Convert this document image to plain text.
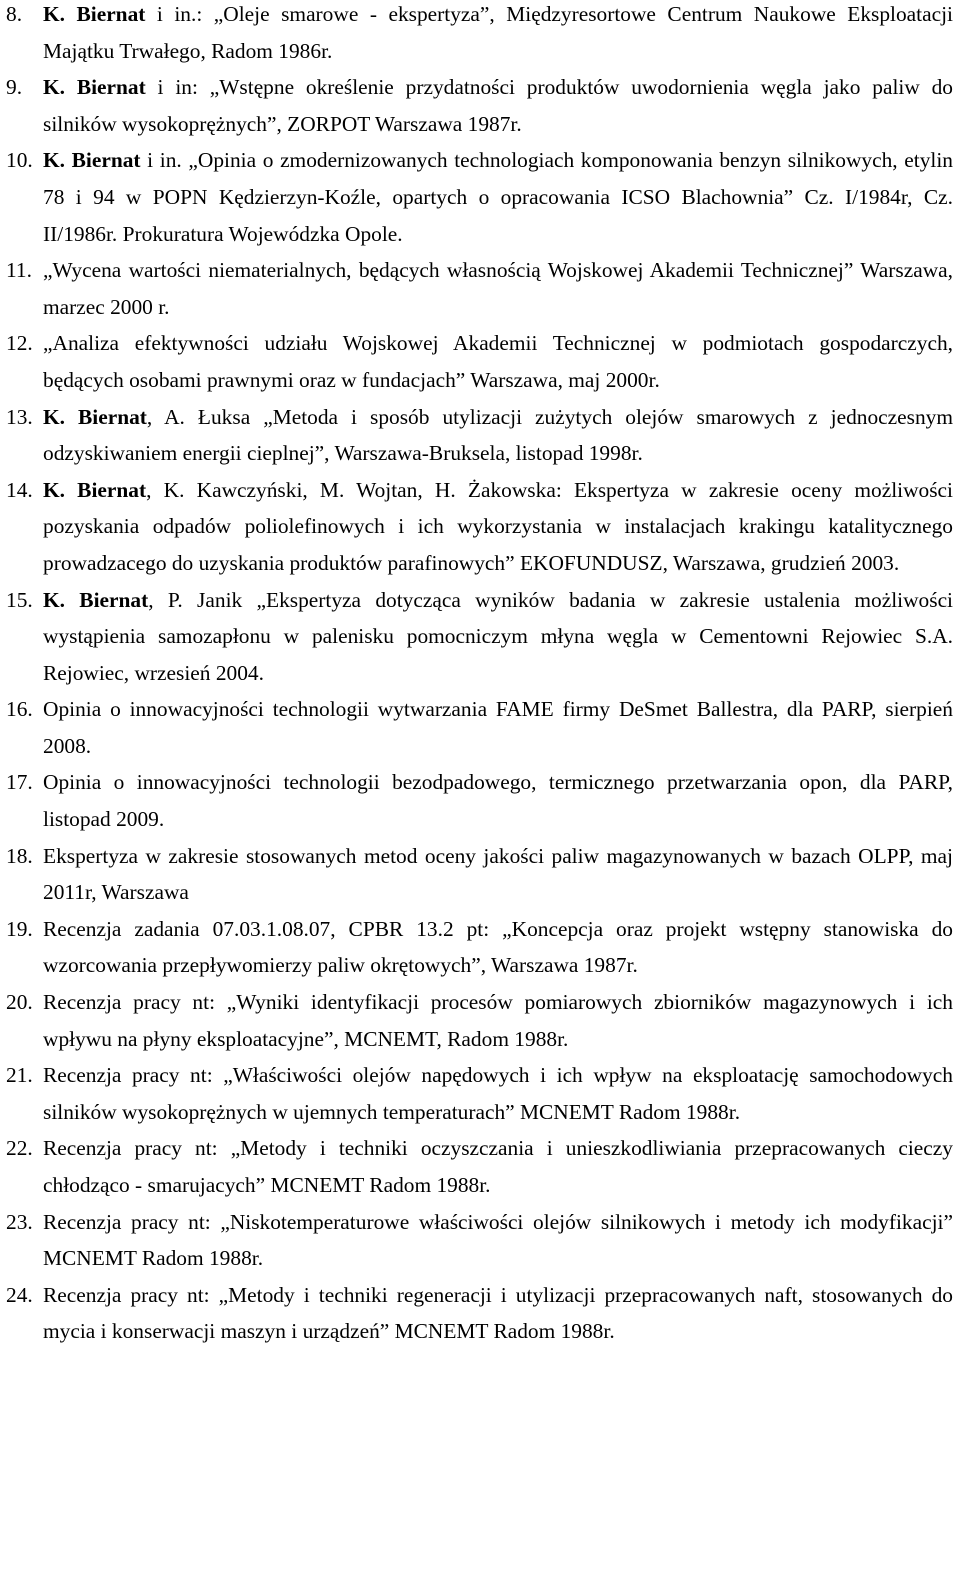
8. K. Biernat i in.: „Oleje smarowe - ekspertyza”, Międzyresortowe Centrum Naukowe Eksploatacji Majątku Trwałego, Radom 1986r.
9. K. Biernat i in: „Wstępne określenie przydatności produktów uwodornienia węgla jako paliw do silników wysokoprężnych”, ZORPOT Warszawa 1987r.
10. K. Biernat i in. „Opinia o zmodernizowanych technologiach komponowania benzyn silnikowych, etylin 78 i 94 w POPN Kędzierzyn-Koźle, opartych o opracowania ICSO Blachownia” Cz. I/1984r, Cz. II/1986r. Prokuratura Wojewódzka Opole.
11. „Wycena wartości niematerialnych, będących własnością Wojskowej Akademii Technicznej” Warszawa, marzec 2000 r.
12. „Analiza efektywności udziału Wojskowej Akademii Technicznej w podmiotach gospodarczych, będących osobami prawnymi oraz w fundacjach” Warszawa, maj 2000r.
13. K. Biernat, A. Łuksa „Metoda i sposób utylizacji zużytych olejów smarowych z jednoczesnym odzyskiwaniem energii cieplnej”, Warszawa-Bruksela, listopad 1998r.
14. K. Biernat, K. Kawczyński, M. Wojtan, H. Żakowska: Ekspertyza w zakresie oceny możliwości pozyskania odpadów poliolefinowych i ich wykorzystania w instalacjach krakingu katalitycznego prowadzacego do uzyskania produktów parafinowych” EKOFUNDUSZ, Warszawa, grudzień 2003.
15. K. Biernat, P. Janik „Ekspertyza dotycząca wyników badania w zakresie ustalenia możliwości wystąpienia samozapłonu w palenisku pomocniczym młyna węgla w Cementowni Rejowiec S.A. Rejowiec, wrzesień 2004.
16. Opinia o innowacyjności technologii wytwarzania FAME firmy DeSmet Ballestra, dla PARP, sierpień 2008.
17. Opinia o innowacyjności technologii bezodpadowego, termicznego przetwarzania opon, dla PARP, listopad 2009.
18. Ekspertyza w zakresie stosowanych metod oceny jakości paliw magazynowanych w bazach OLPP, maj 2011r, Warszawa
19. Recenzja zadania 07.03.1.08.07, CPBR 13.2 pt: „Koncepcja oraz projekt wstępny stanowiska do wzorcowania przepływomierzy paliw okrętowych”, Warszawa 1987r.
20. Recenzja pracy nt: „Wyniki identyfikacji procesów pomiarowych zbiorników magazynowych i ich wpływu na płyny eksploatacyjne”, MCNEMT, Radom 1988r.
21. Recenzja pracy nt: „Właściwości olejów napędowych i ich wpływ na eksploatację samochodowych silników wysokoprężnych w ujemnych temperaturach” MCNEMT Radom 1988r.
22. Recenzja pracy nt: „Metody i techniki oczyszczania i unieszkodliwiania przepracowanych cieczy chłodząco - smarujacych” MCNEMT Radom 1988r.
23. Recenzja pracy nt: „Niskotemperaturowe właściwości olejów silnikowych i metody ich modyfikacji” MCNEMT Radom 1988r.
24. Recenzja pracy nt: „Metody i techniki regeneracji i utylizacji przepracowanych naft, stosowanych do mycia i konserwacji maszyn i urządzeń” MCNEMT Radom 1988r.
